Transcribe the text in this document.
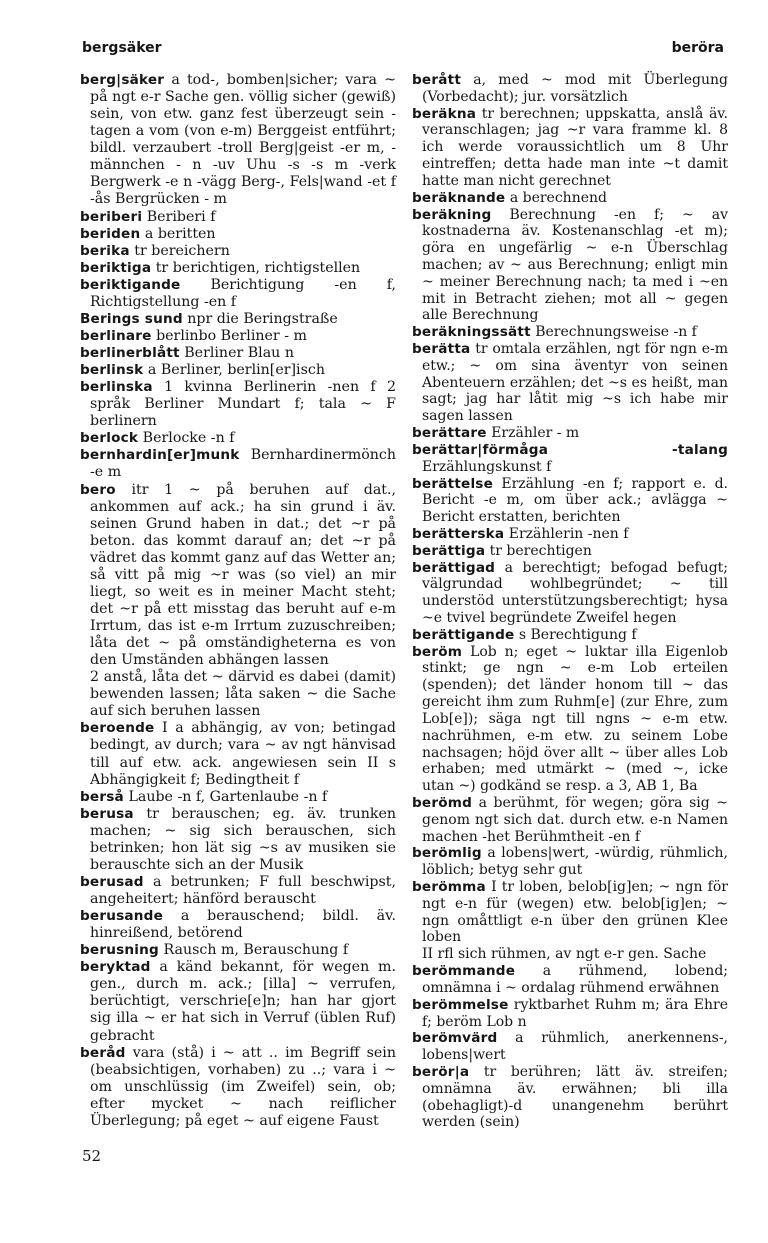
bergsäker	beröra

berg|säker a tod-, bomben|sicher; vara ~ på ngt e-r Sache gen. völlig sicher (gewiß) sein, von etw. ganz fest überzeugt sein -tagen a vom (von e-m) Berggeist entführt; bildl. verzaubert -troll Berg|geist -er m, -männchen - n -uv Uhu -s -s m -verk Bergwerk -e n -vägg Berg-, Fels|wand -et f -ås Bergrücken - m

beriberi Beriberi f

beriden a beritten

berika tr bereichern

beriktiga tr berichtigen, richtigstellen

beriktigande Berichtigung -en f, Richtigstellung -en f

Berings sund npr die Beringstraße

berlinare berlinbo Berliner - m

berlinerblått Berliner Blau n

berlinsk a Berliner, berlin[er]isch

berlinska 1 kvinna Berlinerin -nen f 2 språk Berliner Mundart f; tala ~ F berlinern

berlock Berlocke -n f

bernhardin[er]munk Bernhardinermönch -e m

bero itr 1 ~ på beruhen auf dat., ankommen auf ack.; ha sin grund i äv. seinen Grund haben in dat.; det ~r på beton. das kommt darauf an; det ~r på vädret das kommt ganz auf das Wetter an; så vitt på mig ~r was (so viel) an mir liegt, so weit es in meiner Macht steht; det ~r på ett misstag das beruht auf e-m Irrtum, das ist e-m Irrtum zuzuschreiben; låta det ~ på omständigheterna es von den Umständen abhängen lassen

2 anstå, låta det ~ därvid es dabei (damit) bewenden lassen; låta saken ~ die Sache auf sich beruhen lassen

beroende I a abhängig, av von; betingad bedingt, av durch; vara ~ av ngt hänvisad till auf etw. ack. angewiesen sein II s Abhängigkeit f; Bedingtheit f

berså Laube -n f, Gartenlaube -n f

berusa tr berauschen; eg. äv. trunken machen; ~ sig sich berauschen, sich betrinken; hon lät sig ~s av musiken sie berauschte sich an der Musik

berusad a betrunken; F full beschwipst, angeheitert; hänförd berauscht

berusande a berauschend; bildl. äv. hinreißend, betörend

berusning Rausch m, Berauschung f

beryktad a känd bekannt, för wegen m. gen., durch m. ack.; [illa] ~ verrufen, berüchtigt, verschrie[e]n; han har gjort sig illa ~ er hat sich in Verruf (üblen Ruf) gebracht

beråd vara (stå) i ~ att .. im Begriff sein (beabsichtigen, vorhaben) zu ..; vara i ~ om unschlüssig (im Zweifel) sein, ob; efter mycket ~ nach reiflicher Überlegung; på eget ~ auf eigene Faust

berått a, med ~ mod mit Überlegung (Vorbedacht); jur. vorsätzlich

beräkna tr berechnen; uppskatta, anslå äv. veranschlagen; jag ~r vara framme kl. 8 ich werde voraussichtlich um 8 Uhr eintreffen; detta hade man inte ~t damit hatte man nicht gerechnet

beräknande a berechnend

beräkning Berechnung -en f; ~ av kostnaderna äv. Kostenanschlag -et m); göra en ungefärlig ~ e-n Überschlag machen; av ~ aus Berechnung; enligt min ~ meiner Berechnung nach; ta med i ~en mit in Betracht ziehen; mot all ~ gegen alle Berechnung

beräkningssätt Berechnungsweise -n f

berätta tr omtala erzählen, ngt för ngn e-m etw.; ~ om sina äventyr von seinen Abenteuern erzählen; det ~s es heißt, man sagt; jag har låtit mig ~s ich habe mir sagen lassen

berättare Erzähler - m

berättar|förmåga -talang Erzählungskunst f

berättelse Erzählung -en f; rapport e. d. Bericht -e m, om über ack.; avlägga ~ Bericht erstatten, berichten

berätterska Erzählerin -nen f

berättiga tr berechtigen

berättigad a berechtigt; befogad befugt; välgrundad wohlbegründet; ~ till understöd unterstützungsberechtigt; hysa ~e tvivel begründete Zweifel hegen

berättigande s Berechtigung f

beröm Lob n; eget ~ luktar illa Eigenlob stinkt; ge ngn ~ e-m Lob erteilen (spenden); det länder honom till ~ das gereicht ihm zum Ruhm[e] (zur Ehre, zum Lob[e]); säga ngt till ngns ~ e-m etw. nachrühmen, e-m etw. zu seinem Lobe nachsagen; höjd över allt ~ über alles Lob erhaben; med utmärkt ~ (med ~, icke utan ~) godkänd se resp. a 3, AB 1, Ba

berömd a berühmt, för wegen; göra sig ~ genom ngt sich dat. durch etw. e-n Namen machen -het Berühmtheit -en f

berömlig a lobens|wert, -würdig, rühmlich, löblich; betyg sehr gut

berömma I tr loben, belob[ig]en; ~ ngn för ngt e-n für (wegen) etw. belob[ig]en; ~ ngn omåttligt e-n über den grünen Klee loben

II rfl sich rühmen, av ngt e-r gen. Sache

berömmande a rühmend, lobend; omnämna i ~ ordalag rühmend erwähnen

berömmelse ryktbarhet Ruhm m; ära Ehre f; beröm Lob n

berömvärd a rühmlich, anerkennens-, lobens|wert

berör|a tr berühren; lätt äv. streifen; omnämna äv. erwähnen; bli illa (obehagligt)-d unangenehm berührt werden (sein)

52
